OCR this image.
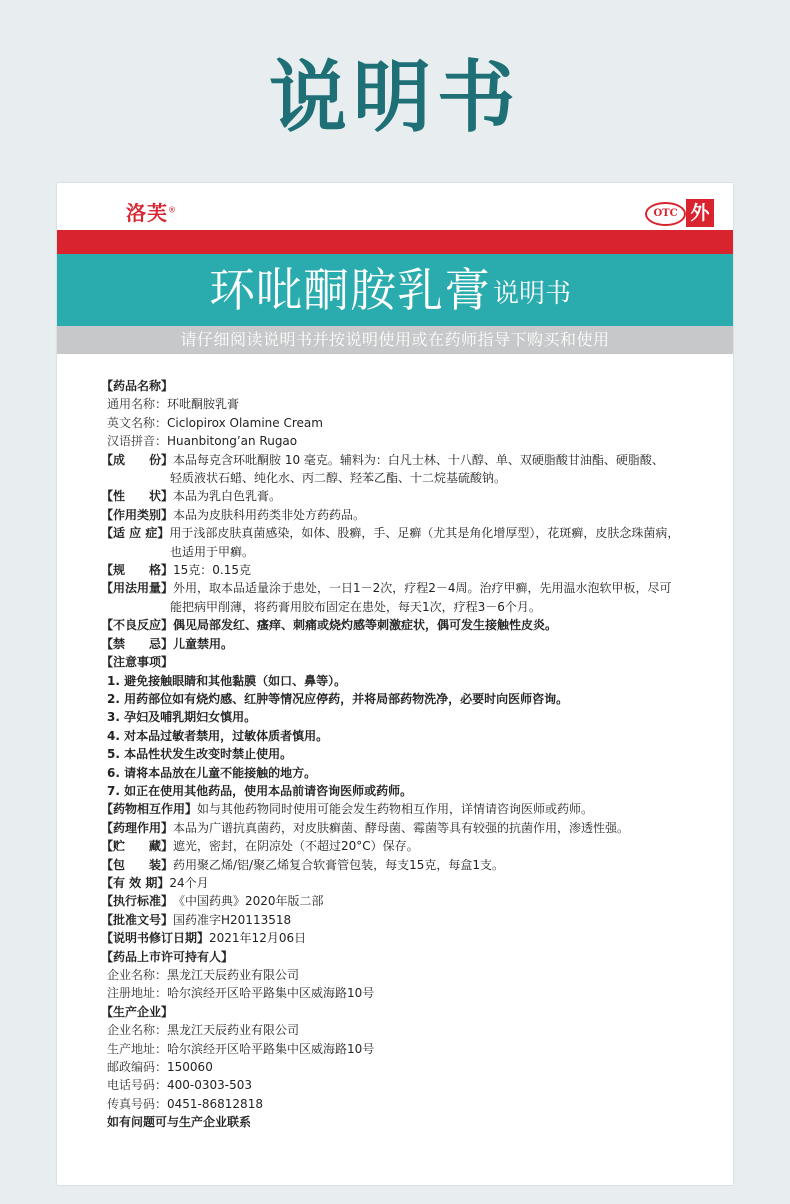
说明书
洛芙®	OTC 外
环吡酮胺乳膏 说明书
请仔细阅读说明书并按说明使用或在药师指导下购买和使用
【药品名称】
通用名称： 环吡酮胺乳膏
英文名称： Ciclopirox Olamine Cream
汉语拼音： Huanbitong’an Rugao
【成　　份】 本品每克含环吡酮胺 10 毫克。辅料为：白凡士林、十八醇、单、双硬脂酸甘油酯、硬脂酸、
轻质液状石蜡、纯化水、丙二醇、羟苯乙酯、十二烷基硫酸钠。
【性　　状】 本品为乳白色乳膏。
【作用类别】 本品为皮肤科用药类非处方药药品。
【适 应 症】 用于浅部皮肤真菌感染，如体、股癣，手、足癣（尤其是角化增厚型），花斑癣，皮肤念珠菌病，
也适用于甲癣。
【规　　格】 15克：0.15克
【用法用量】 外用，取本品适量涂于患处，一日1－2次，疗程2－4周。治疗甲癣，先用温水泡软甲板，尽可
能把病甲削薄，将药膏用胶布固定在患处，每天1次，疗程3－6个月。
【不良反应】 偶见局部发红、瘙痒、刺痛或烧灼感等刺激症状，偶可发生接触性皮炎。
【禁　　忌】 儿童禁用。
【注意事项】
1. 避免接触眼睛和其他黏膜（如口、鼻等）。
2. 用药部位如有烧灼感、红肿等情况应停药，并将局部药物洗净，必要时向医师咨询。
3. 孕妇及哺乳期妇女慎用。
4. 对本品过敏者禁用，过敏体质者慎用。
5. 本品性状发生改变时禁止使用。
6. 请将本品放在儿童不能接触的地方。
7. 如正在使用其他药品，使用本品前请咨询医师或药师。
【药物相互作用】 如与其他药物同时使用可能会发生药物相互作用，详情请咨询医师或药师。
【药理作用】 本品为广谱抗真菌药，对皮肤癣菌、酵母菌、霉菌等具有较强的抗菌作用，渗透性强。
【贮　　藏】 遮光，密封，在阴凉处（不超过20°C）保存。
【包　　装】 药用聚乙烯/铝/聚乙烯复合软膏管包装，每支15克，每盒1支。
【有 效 期】 24个月
【执行标准】 《中国药典》2020年版二部
【批准文号】 国药准字H20113518
【说明书修订日期】 2021年12月06日
【药品上市许可持有人】
企业名称： 黑龙江天辰药业有限公司
注册地址： 哈尔滨经开区哈平路集中区威海路10号
【生产企业】
企业名称： 黑龙江天辰药业有限公司
生产地址： 哈尔滨经开区哈平路集中区威海路10号
邮政编码： 150060
电话号码： 400-0303-503
传真号码： 0451-86812818
如有问题可与生产企业联系
